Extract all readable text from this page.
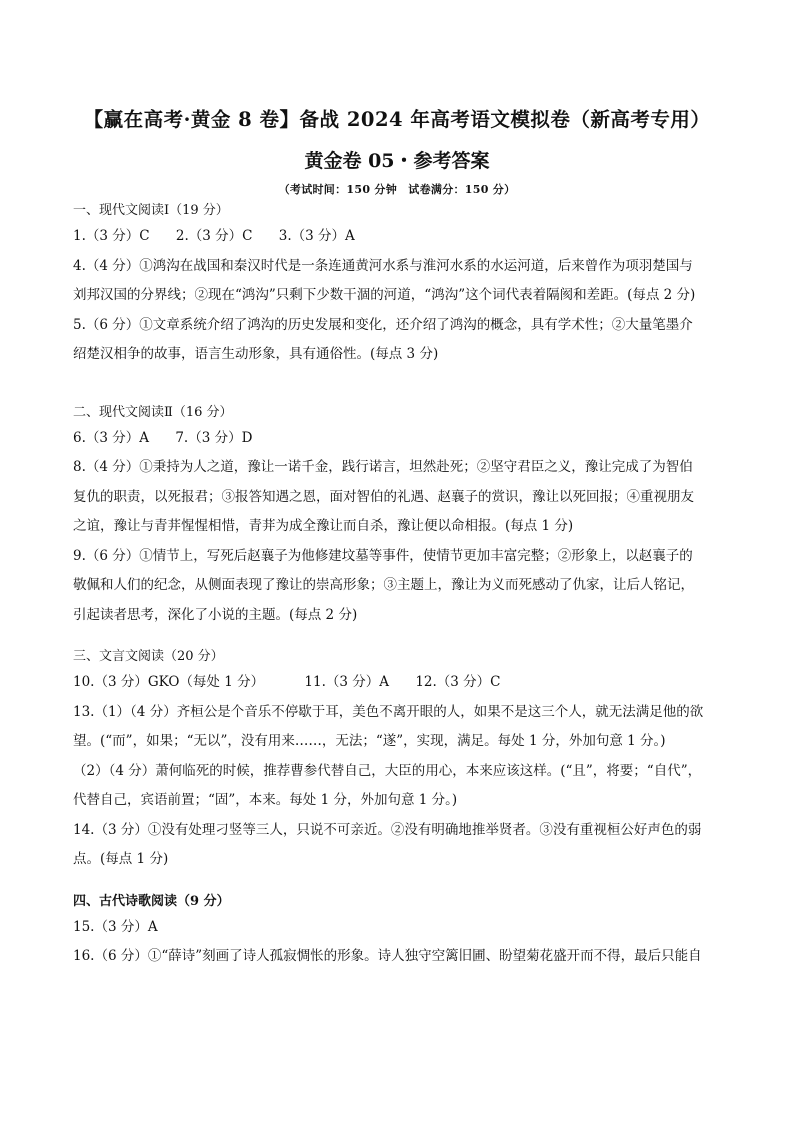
【赢在高考·黄金 8 卷】备战 2024 年高考语文模拟卷（新高考专用）
黄金卷 05・参考答案
（考试时间：150 分钟　试卷满分：150 分）
一、现代文阅读Ⅰ（19 分）
1.（3 分）C 2.（3 分）C 3.（3 分）A
4.（4 分）①鸿沟在战国和秦汉时代是一条连通黄河水系与淮河水系的水运河道，后来曾作为项羽楚国与
刘邦汉国的分界线；②现在“鸿沟”只剩下少数干涸的河道，“鸿沟”这个词代表着隔阂和差距。(每点 2 分)
5.（6 分）①文章系统介绍了鸿沟的历史发展和变化，还介绍了鸿沟的概念，具有学术性；②大量笔墨介
绍楚汉相争的故事，语言生动形象，具有通俗性。(每点 3 分)
二、现代文阅读Ⅱ（16 分）
6.（3 分）A 7.（3 分）D
8.（4 分）①秉持为人之道，豫让一诺千金，践行诺言，坦然赴死；②坚守君臣之义，豫让完成了为智伯
复仇的职责，以死报君；③报答知遇之恩，面对智伯的礼遇、赵襄子的赏识，豫让以死回报；④重视朋友
之谊，豫让与青荓惺惺相惜，青荓为成全豫让而自杀，豫让便以命相报。(每点 1 分)
9.（6 分）①情节上，写死后赵襄子为他修建坟墓等事件，使情节更加丰富完整；②形象上，以赵襄子的
敬佩和人们的纪念，从侧面表现了豫让的崇高形象；③主题上，豫让为义而死感动了仇家，让后人铭记，
引起读者思考，深化了小说的主题。(每点 2 分)
三、文言文阅读（20 分）
10.（3 分）GKO（每处 1 分）	11.（3 分）A 12.（3 分）C
13.（1）（4 分）齐桓公是个音乐不停歇于耳，美色不离开眼的人，如果不是这三个人，就无法满足他的欲
望。(“而”，如果；“无以”，没有用来……，无法；“遂”，实现，满足。每处 1 分，外加句意 1 分。)
（2）（4 分）萧何临死的时候，推荐曹参代替自己，大臣的用心，本来应该这样。(“且”，将要；“自代”，
代替自己，宾语前置；“固”，本来。每处 1 分，外加句意 1 分。)
14.（3 分）①没有处理刁竖等三人，只说不可亲近。②没有明确地推举贤者。③没有重视桓公好声色的弱
点。(每点 1 分)
四、古代诗歌阅读（9 分）
15.（3 分）A
16.（6 分）①“薛诗”刻画了诗人孤寂惆怅的形象。诗人独守空篱旧圃、盼望菊花盛开而不得，最后只能自
